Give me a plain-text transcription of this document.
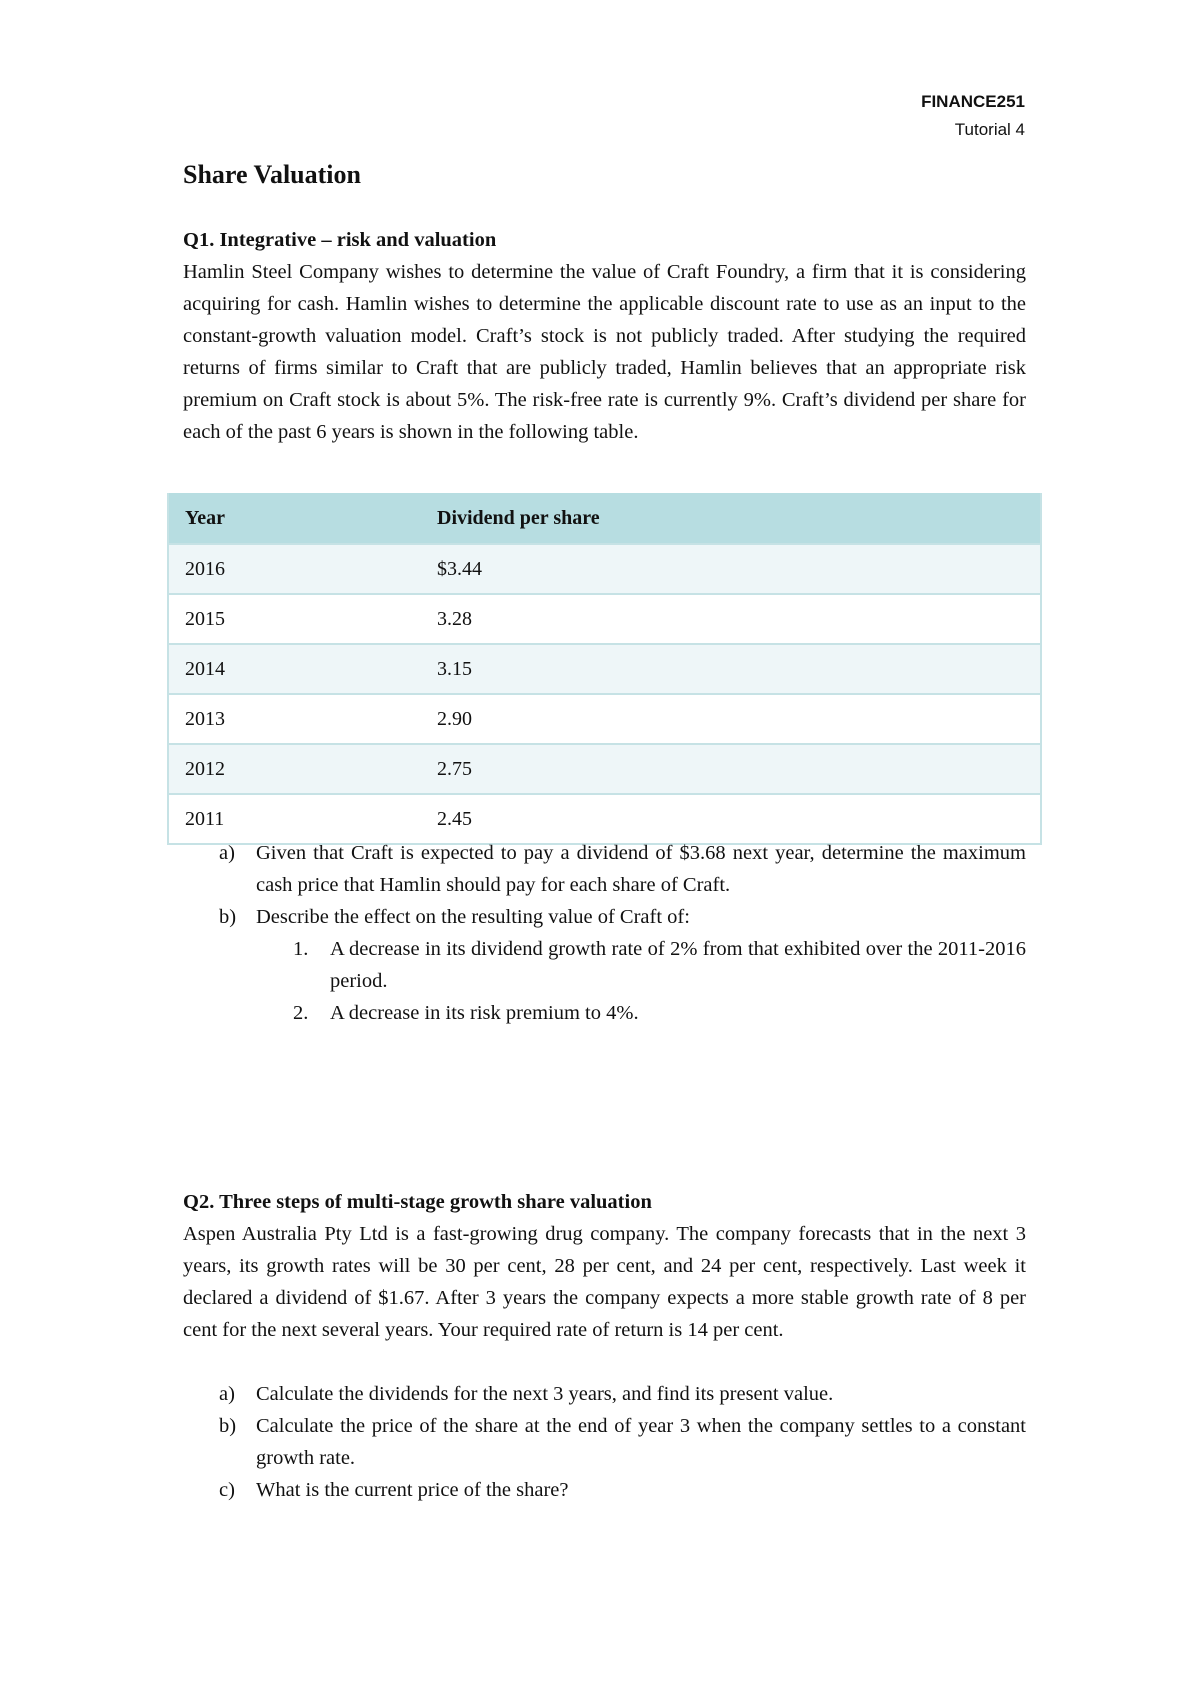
FINANCE251
Tutorial 4
Share Valuation

Q1. Integrative – risk and valuation

Hamlin Steel Company wishes to determine the value of Craft Foundry, a firm that it is considering acquiring for cash. Hamlin wishes to determine the applicable discount rate to use as an input to the constant-growth valuation model. Craft’s stock is not publicly traded. After studying the required returns of firms similar to Craft that are publicly traded, Hamlin believes that an appropriate risk premium on Craft stock is about 5%. The risk-free rate is currently 9%. Craft’s dividend per share for each of the past 6 years is shown in the following table.

Year	Dividend per share
2016	$3.44
2015	3.28
2014	3.15
2013	2.90
2012	2.75
2011	2.45
a) Given that Craft is expected to pay a dividend of $3.68 next year, determine the maximum cash price that Hamlin should pay for each share of Craft.
b) Describe the effect on the resulting value of Craft of:
1. A decrease in its dividend growth rate of 2% from that exhibited over the 2011-2016 period.
2. A decrease in its risk premium to 4%.

Q2. Three steps of multi-stage growth share valuation

Aspen Australia Pty Ltd is a fast-growing drug company. The company forecasts that in the next 3 years, its growth rates will be 30 per cent, 28 per cent, and 24 per cent, respectively. Last week it declared a dividend of $1.67. After 3 years the company expects a more stable growth rate of 8 per cent for the next several years. Your required rate of return is 14 per cent.

a) Calculate the dividends for the next 3 years, and find its present value.
b) Calculate the price of the share at the end of year 3 when the company settles to a constant growth rate.
c) What is the current price of the share?
